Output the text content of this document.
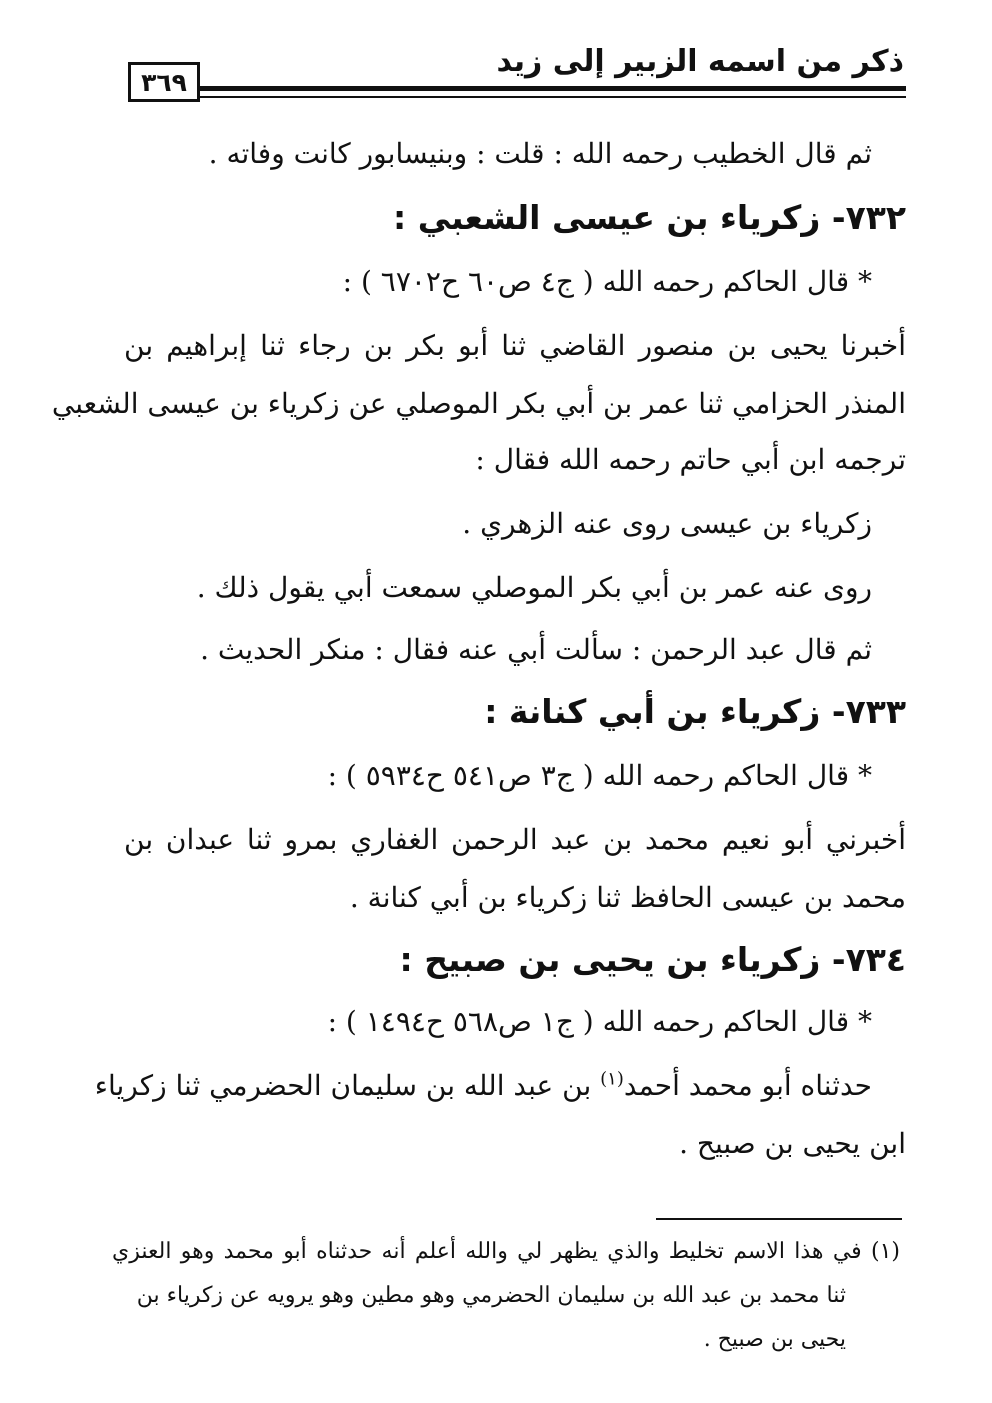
ذكر من اسمه الزبير إلى زيد
٣٦٩
ثم قال الخطيب رحمه الله : قلت : وبنيسابور كانت وفاته .
٧٣٢- زكرياء بن عيسى الشعبي :
* قال الحاكم رحمه الله ( ج٤ ص٦٠ ح٦٧٠٢ ) :
أخبرنا يحيى بن منصور القاضي ثنا أبو بكر بن رجاء ثنا إبراهيم بن
المنذر الحزامي ثنا عمر بن أبي بكر الموصلي عن زكرياء بن عيسى الشعبي
ترجمه ابن أبي حاتم رحمه الله فقال :
زكرياء بن عيسى روى عنه الزهري .
روى عنه عمر بن أبي بكر الموصلي سمعت أبي يقول ذلك .
ثم قال عبد الرحمن : سألت أبي عنه فقال : منكر الحديث .
٧٣٣- زكرياء بن أبي كنانة :
* قال الحاكم رحمه الله ( ج٣ ص٥٤١ ح٥٩٣٤ ) :
أخبرني أبو نعيم محمد بن عبد الرحمن الغفاري بمرو ثنا عبدان بن
محمد بن عيسى الحافظ ثنا زكرياء بن أبي كنانة .
٧٣٤- زكرياء بن يحيى بن صبيح :
* قال الحاكم رحمه الله ( ج١ ص٥٦٨ ح١٤٩٤ ) :
حدثناه أبو محمد أحمد$^{(١)}$ بن عبد الله بن سليمان الحضرمي ثنا زكرياء
ابن يحيى بن صبيح .
(١) في هذا الاسم تخليط والذي يظهر لي والله أعلم أنه حدثناه أبو محمد وهو العنزي
ثنا محمد بن عبد الله بن سليمان الحضرمي وهو مطين وهو يرويه عن زكرياء بن
يحيى بن صبيح .
